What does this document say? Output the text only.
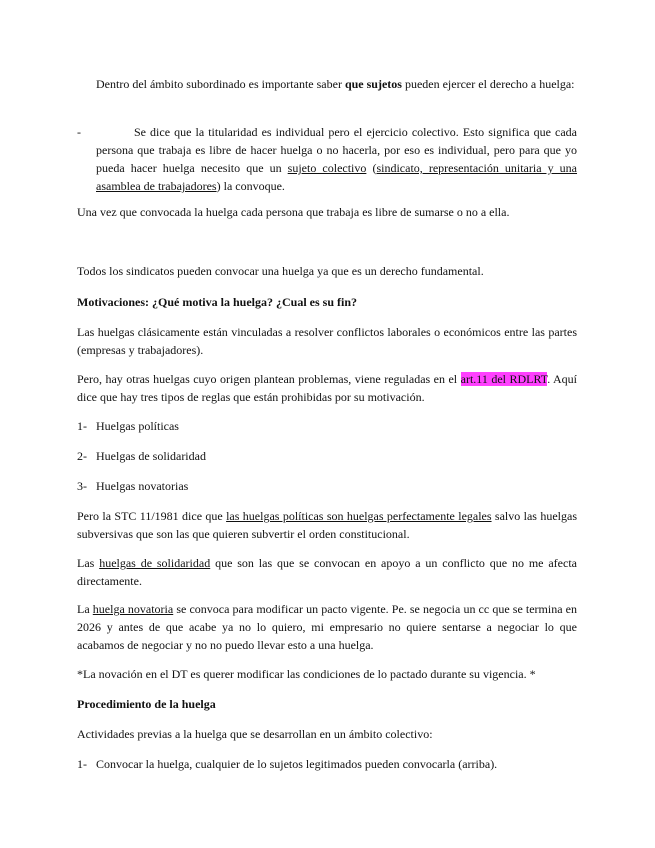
Dentro del ámbito subordinado es importante saber que sujetos pueden ejercer el derecho a huelga:

-	Se dice que la titularidad es individual pero el ejercicio colectivo. Esto significa que cada persona que trabaja es libre de hacer huelga o no hacerla, por eso es individual, pero para que yo pueda hacer huelga necesito que un sujeto colectivo (sindicato, representación unitaria y una asamblea de trabajadores) la convoque.

Una vez que convocada la huelga cada persona que trabaja es libre de sumarse o no a ella.

Todos los sindicatos pueden convocar una huelga ya que es un derecho fundamental.

Motivaciones: ¿Qué motiva la huelga? ¿Cual es su fin?

Las huelgas clásicamente están vinculadas a resolver conflictos laborales o económicos entre las partes (empresas y trabajadores).

Pero, hay otras huelgas cuyo origen plantean problemas, viene reguladas en el art.11 del RDLRT. Aquí dice que hay tres tipos de reglas que están prohibidas por su motivación.

1- Huelgas políticas

2- Huelgas de solidaridad

3- Huelgas novatorias

Pero la STC 11/1981 dice que las huelgas políticas son huelgas perfectamente legales salvo las huelgas subversivas que son las que quieren subvertir el orden constitucional.

Las huelgas de solidaridad que son las que se convocan en apoyo a un conflicto que no me afecta directamente.

La huelga novatoria se convoca para modificar un pacto vigente. Pe. se negocia un cc que se termina en 2026 y antes de que acabe ya no lo quiero, mi empresario no quiere sentarse a negociar lo que acabamos de negociar y no no puedo llevar esto a una huelga.

*La novación en el DT es querer modificar las condiciones de lo pactado durante su vigencia. *

Procedimiento de la huelga

Actividades previas a la huelga que se desarrollan en un ámbito colectivo:

1- Convocar la huelga, cualquier de lo sujetos legitimados pueden convocarla (arriba).
